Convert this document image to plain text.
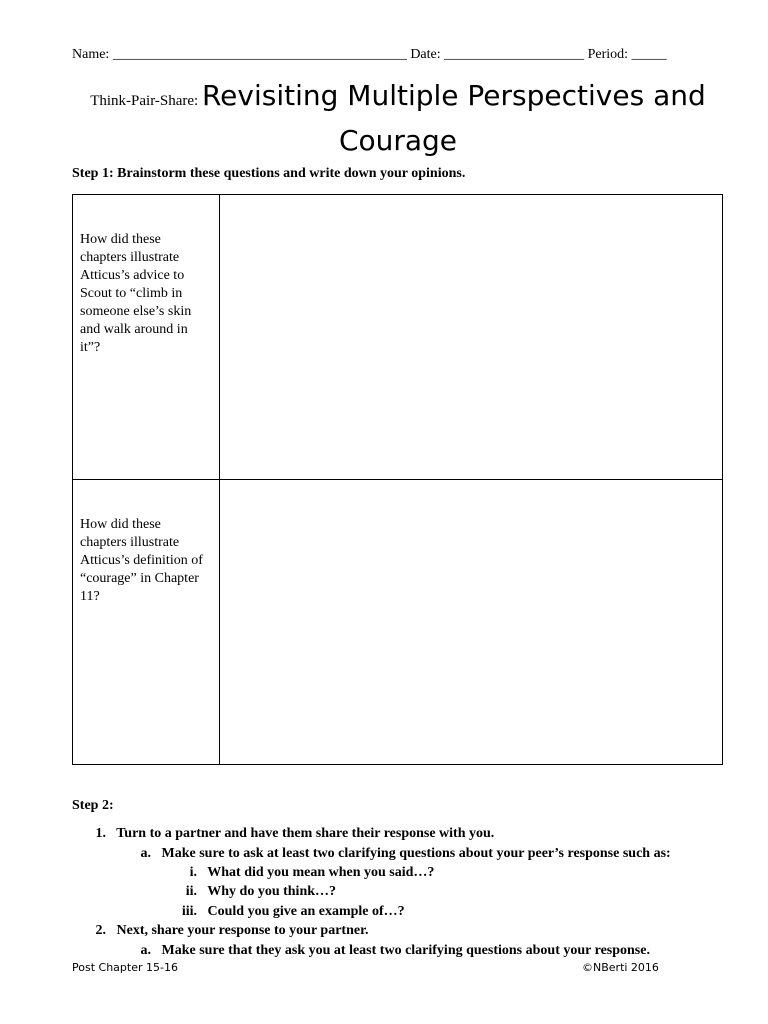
Name: __________________________________________ Date: ____________________ Period: _____
Think-Pair-Share: Revisiting Multiple Perspectives and Courage
Step 1: Brainstorm these questions and write down your opinions.
How did these chapters illustrate Atticus’s advice to Scout to “climb in someone else’s skin and walk around in it”?	

How did these chapters illustrate Atticus’s definition of “courage” in Chapter 11?	

Step 2:
1. Turn to a partner and have them share their response with you.
a. Make sure to ask at least two clarifying questions about your peer’s response such as:
i. What did you mean when you said…?
ii. Why do you think…?
iii. Could you give an example of…?
2. Next, share your response to your partner.
a. Make sure that they ask you at least two clarifying questions about your response.
Post Chapter 15-16	©NBerti 2016
